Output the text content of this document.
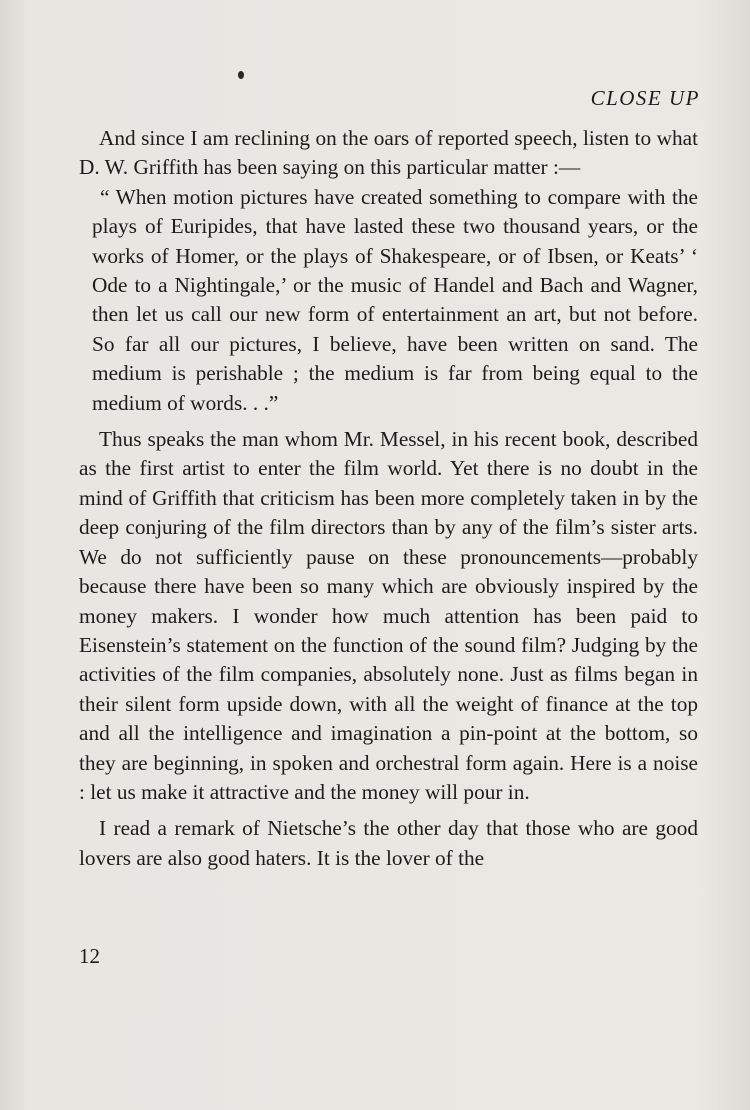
CLOSE UP

And since I am reclining on the oars of reported speech, listen to what D. W. Griffith has been saying on this particular matter :—

“ When motion pictures have created something to compare with the plays of Euripides, that have lasted these two thousand years, or the works of Homer, or the plays of Shakespeare, or of Ibsen, or Keats’ ‘ Ode to a Nightingale,’ or the music of Handel and Bach and Wagner, then let us call our new form of entertainment an art, but not before. So far all our pictures, I believe, have been written on sand. The medium is perishable ; the medium is far from being equal to the medium of words. . .”

Thus speaks the man whom Mr. Messel, in his recent book, described as the first artist to enter the film world. Yet there is no doubt in the mind of Griffith that criticism has been more completely taken in by the deep conjuring of the film directors than by any of the film’s sister arts. We do not sufficiently pause on these pronouncements—probably because there have been so many which are obviously inspired by the money makers. I wonder how much attention has been paid to Eisenstein’s statement on the function of the sound film? Judging by the activities of the film companies, absolutely none. Just as films began in their silent form upside down, with all the weight of finance at the top and all the intelligence and imagination a pin-point at the bottom, so they are beginning, in spoken and orchestral form again. Here is a noise : let us make it attractive and the money will pour in.

I read a remark of Nietsche’s the other day that those who are good lovers are also good haters. It is the lover of the

12
